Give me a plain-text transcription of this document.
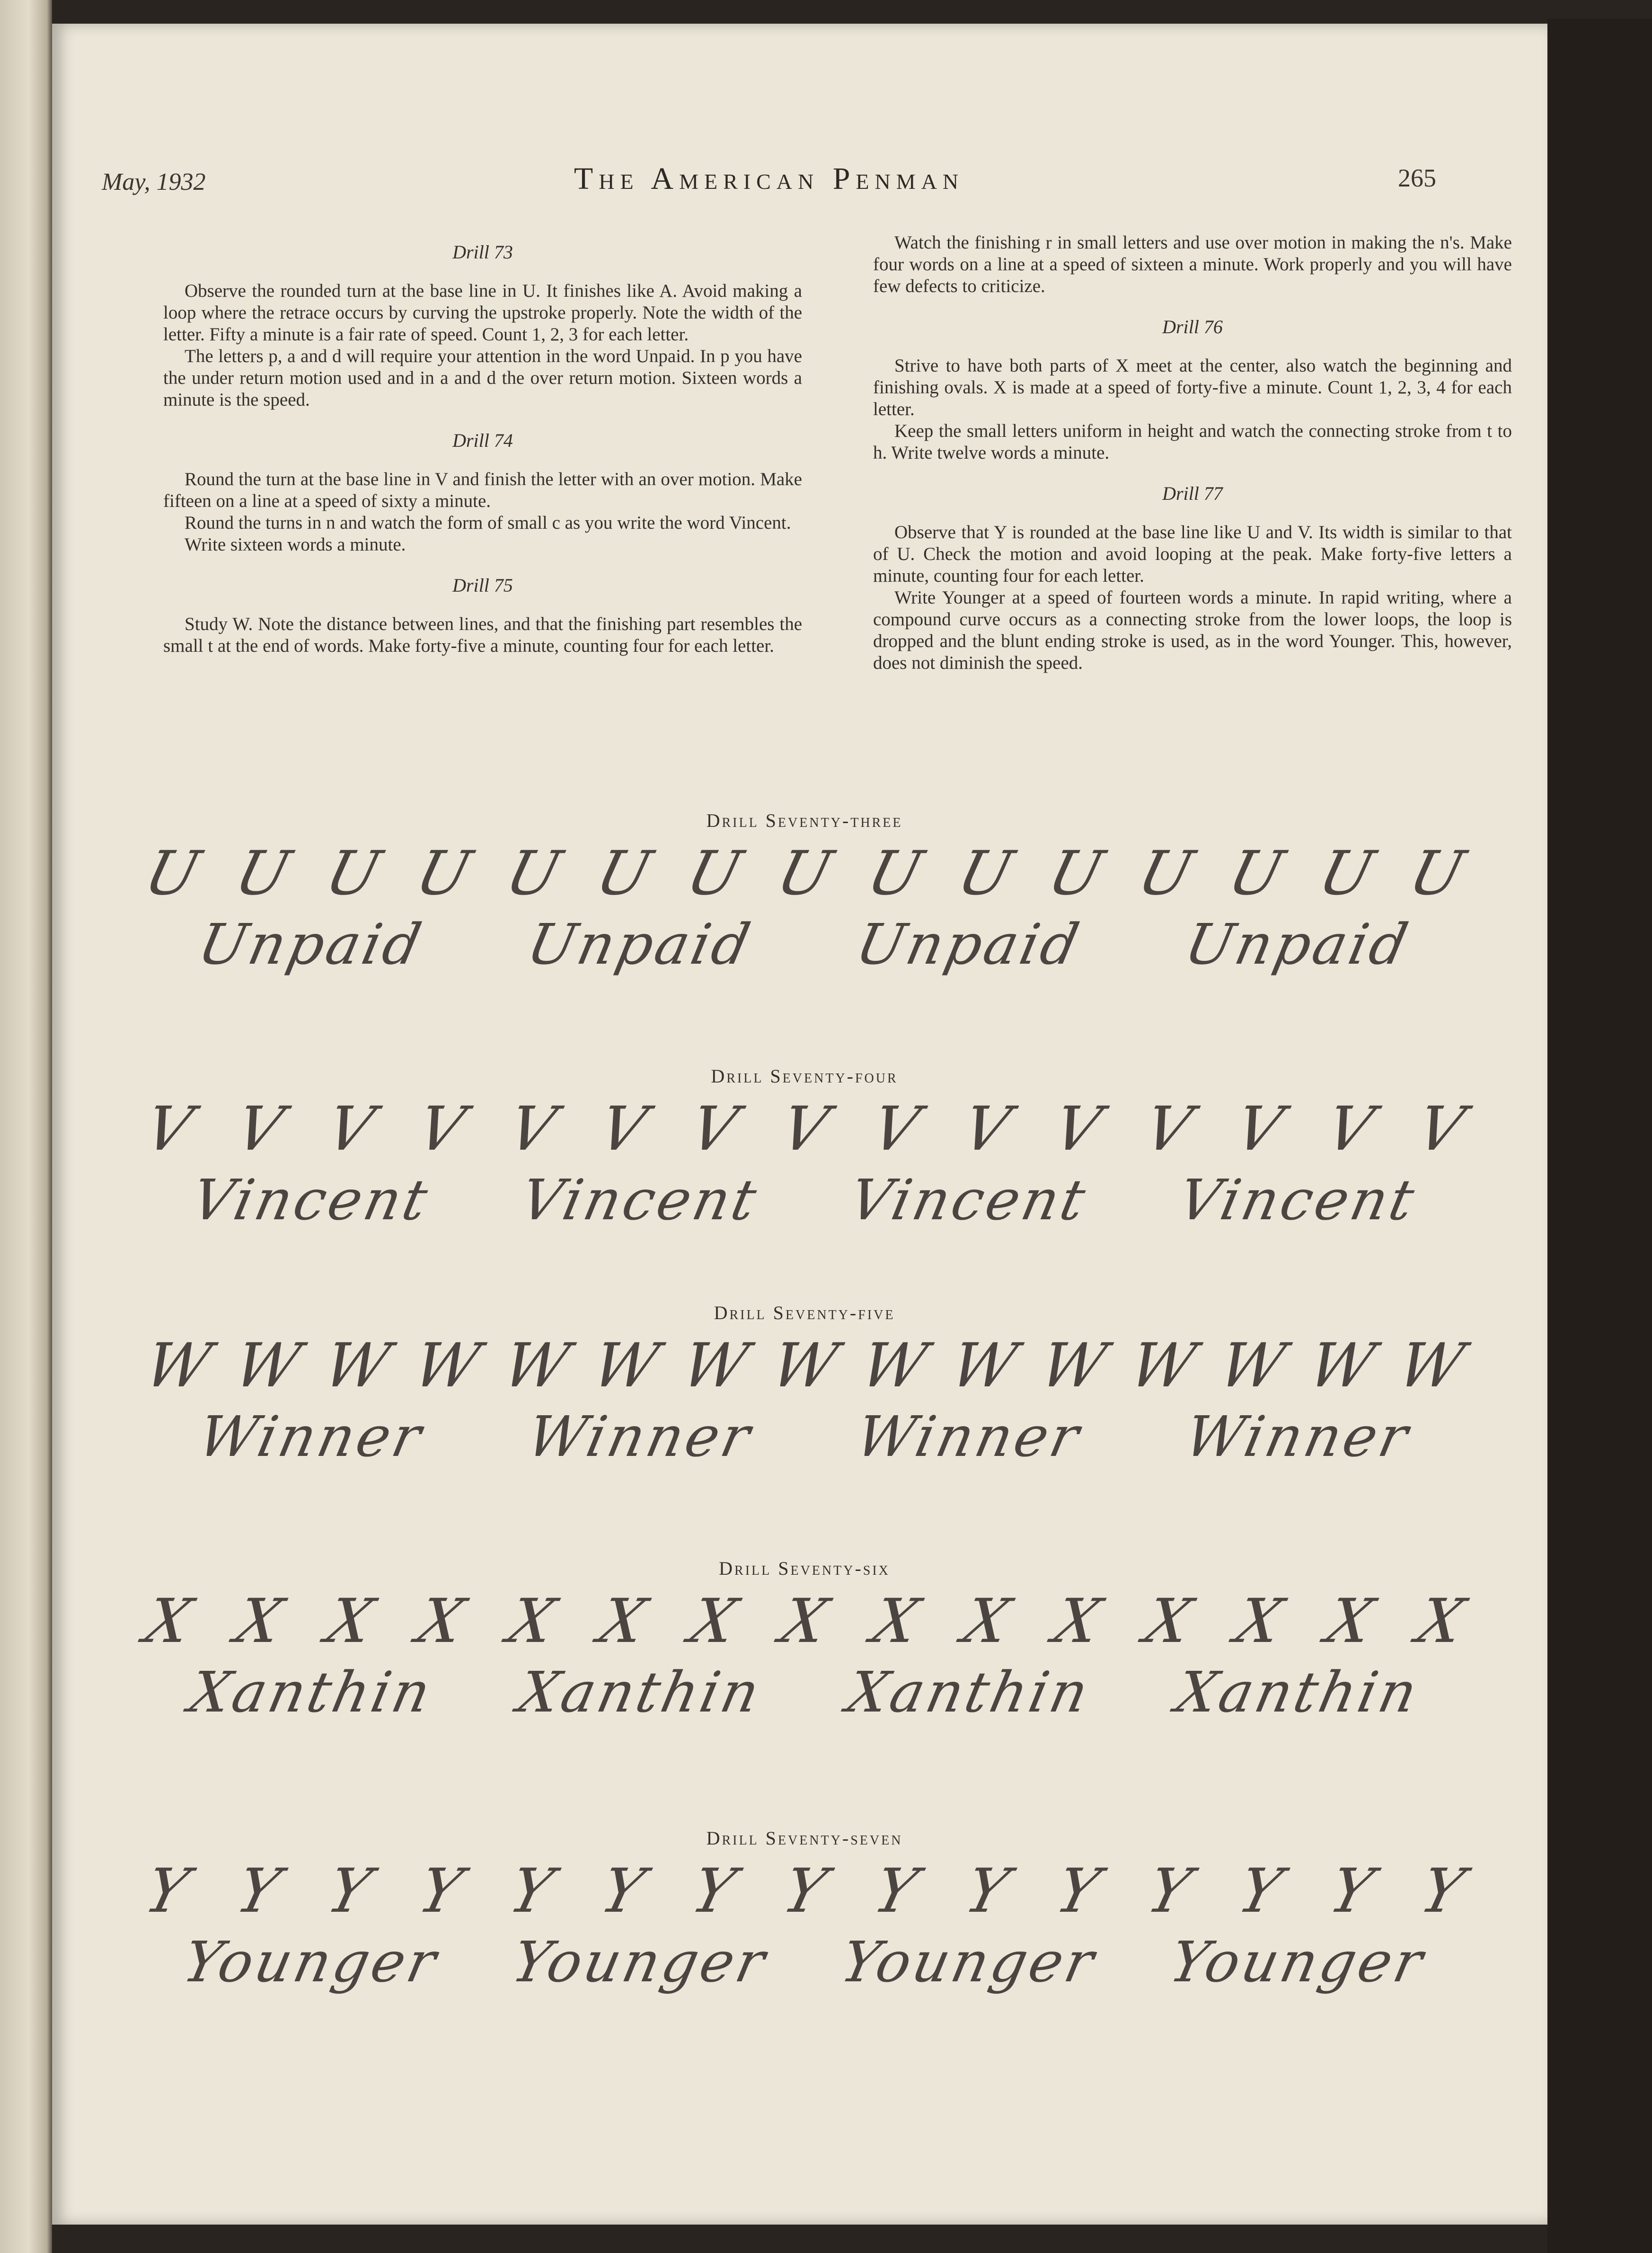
May, 1932	The American Penman	265
Drill 73

Observe the rounded turn at the base line in U. It finishes like A. Avoid making a loop where the retrace occurs by curving the upstroke properly. Note the width of the letter. Fifty a minute is a fair rate of speed. Count 1, 2, 3 for each letter.

The letters p, a and d will require your attention in the word Unpaid. In p you have the under return motion used and in a and d the over return motion. Sixteen words a minute is the speed.

Drill 74

Round the turn at the base line in V and finish the letter with an over motion. Make fifteen on a line at a speed of sixty a minute.

Round the turns in n and watch the form of small c as you write the word Vincent.

Write sixteen words a minute.

Drill 75

Study W. Note the distance between lines, and that the finishing part resembles the small t at the end of words. Make forty-five a minute, counting four for each letter.

Watch the finishing r in small letters and use over motion in making the n's. Make four words on a line at a speed of sixteen a minute. Work properly and you will have few defects to criticize.

Drill 76

Strive to have both parts of X meet at the center, also watch the beginning and finishing ovals. X is made at a speed of forty-five a minute. Count 1, 2, 3, 4 for each letter.

Keep the small letters uniform in height and watch the connecting stroke from t to h. Write twelve words a minute.

Drill 77

Observe that Y is rounded at the base line like U and V. Its width is similar to that of U. Check the motion and avoid looping at the peak. Make forty-five letters a minute, counting four for each letter.

Write Younger at a speed of fourteen words a minute. In rapid writing, where a compound curve occurs as a connecting stroke from the lower loops, the loop is dropped and the blunt ending stroke is used, as in the word Younger. This, however, does not diminish the speed.

Drill Seventy-three
U U U U U U U U U U U U U U U
Unpaid Unpaid Unpaid Unpaid
Drill Seventy-four
V V V V V V V V V V V V V V V
Vincent Vincent Vincent Vincent
Drill Seventy-five
W W W W W W W W W W W W W W W
Winner Winner Winner Winner
Drill Seventy-six
X X X X X X X X X X X X X X X
Xanthin Xanthin Xanthin Xanthin
Drill Seventy-seven
Y Y Y Y Y Y Y Y Y Y Y Y Y Y Y
Younger Younger Younger Younger
